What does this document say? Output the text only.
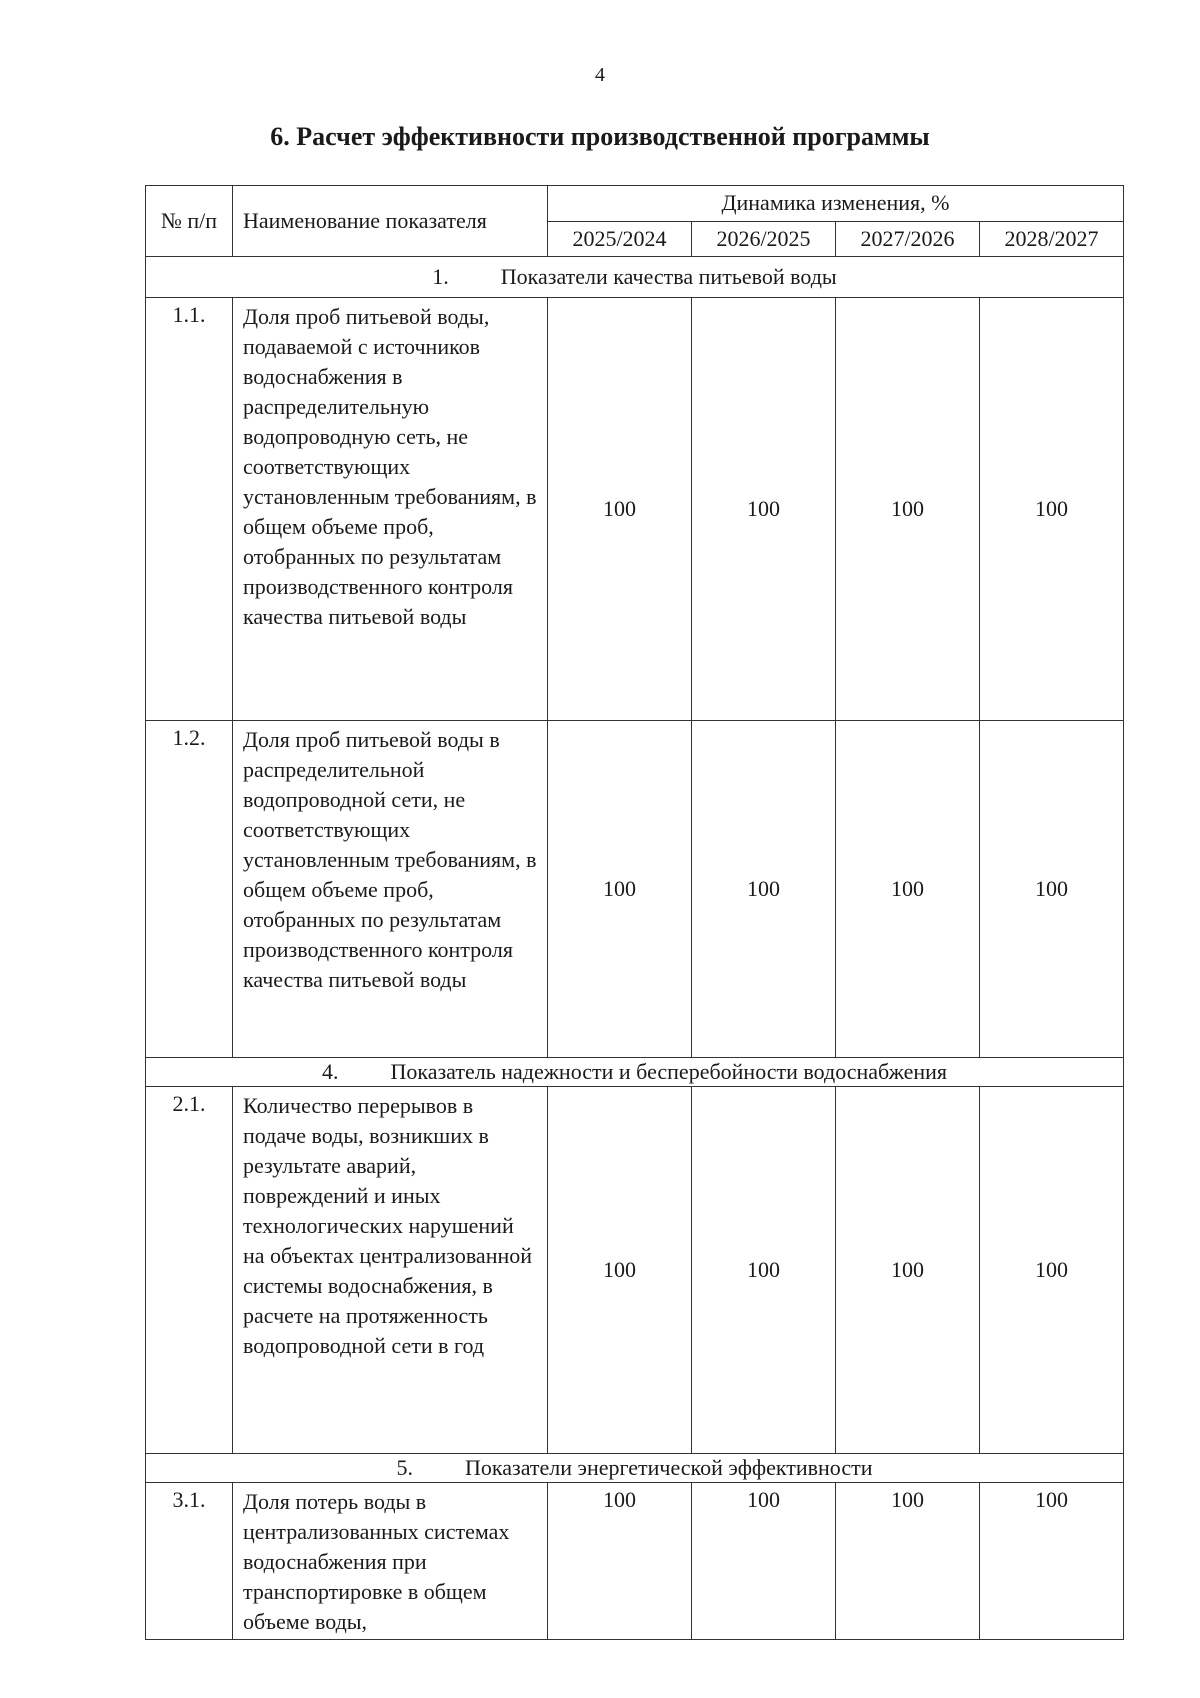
4
6. Расчет эффективности производственной программы
№ п/п	Наименование показателя	Динамика изменения, %			
		2025/2024	2026/2025	2027/2026	2028/2027
1. Показатели качества питьевой воды					
1.1.	Доля проб питьевой воды, подаваемой с источников водоснабжения в распределительную водопроводную сеть, не соответствующих установленным требованиям, в общем объеме проб, отобранных по результатам производственного контроля качества питьевой воды	100	100	100	100
1.2.	Доля проб питьевой воды в распределительной водопроводной сети, не соответствующих установленным требованиям, в общем объеме проб, отобранных по результатам производственного контроля качества питьевой воды	100	100	100	100
4. Показатель надежности и бесперебойности водоснабжения					
2.1.	Количество перерывов в подаче воды, возникших в результате аварий, повреждений и иных технологических нарушений на объектах централизованной системы водоснабжения, в расчете на протяженность водопроводной сети в год	100	100	100	100
5. Показатели энергетической эффективности					
3.1.	Доля потерь воды в централизованных системах водоснабжения при транспортировке в общем объеме воды,	100	100	100	100
